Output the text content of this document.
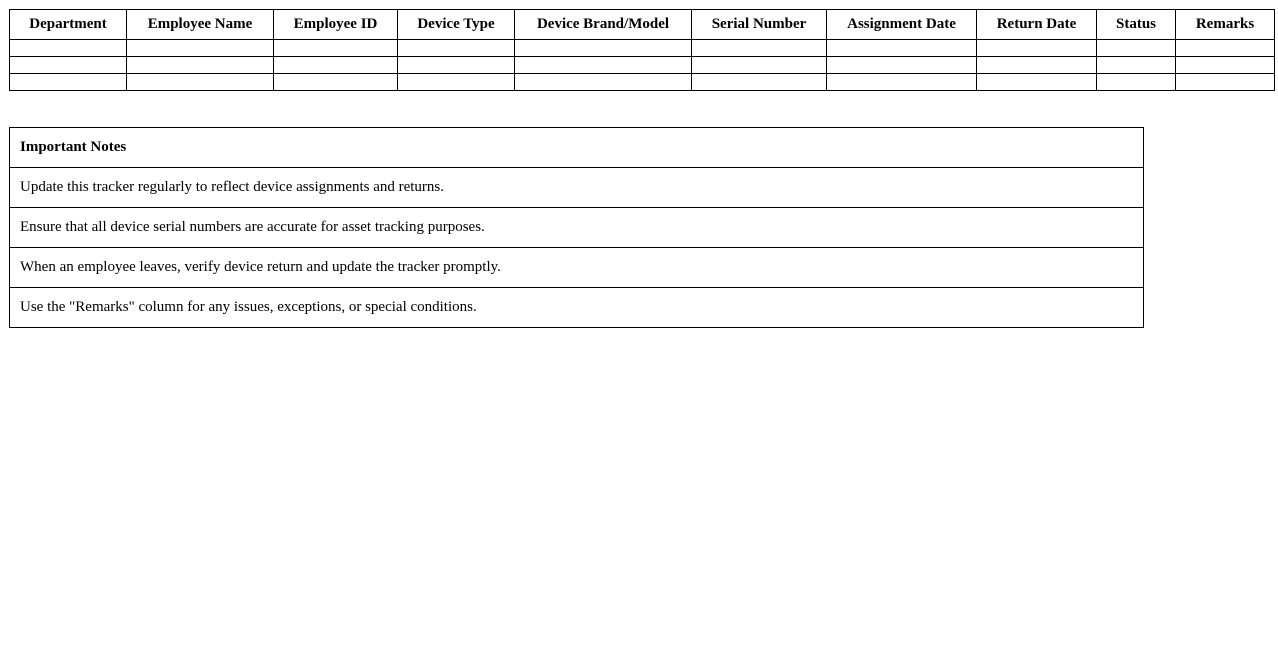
Department	Employee Name	Employee ID	Device Type	Device Brand/Model	Serial Number	Assignment Date	Return Date	Status	Remarks

Important Notes
Update this tracker regularly to reflect device assignments and returns.
Ensure that all device serial numbers are accurate for asset tracking purposes.
When an employee leaves, verify device return and update the tracker promptly.
Use the "Remarks" column for any issues, exceptions, or special conditions.
